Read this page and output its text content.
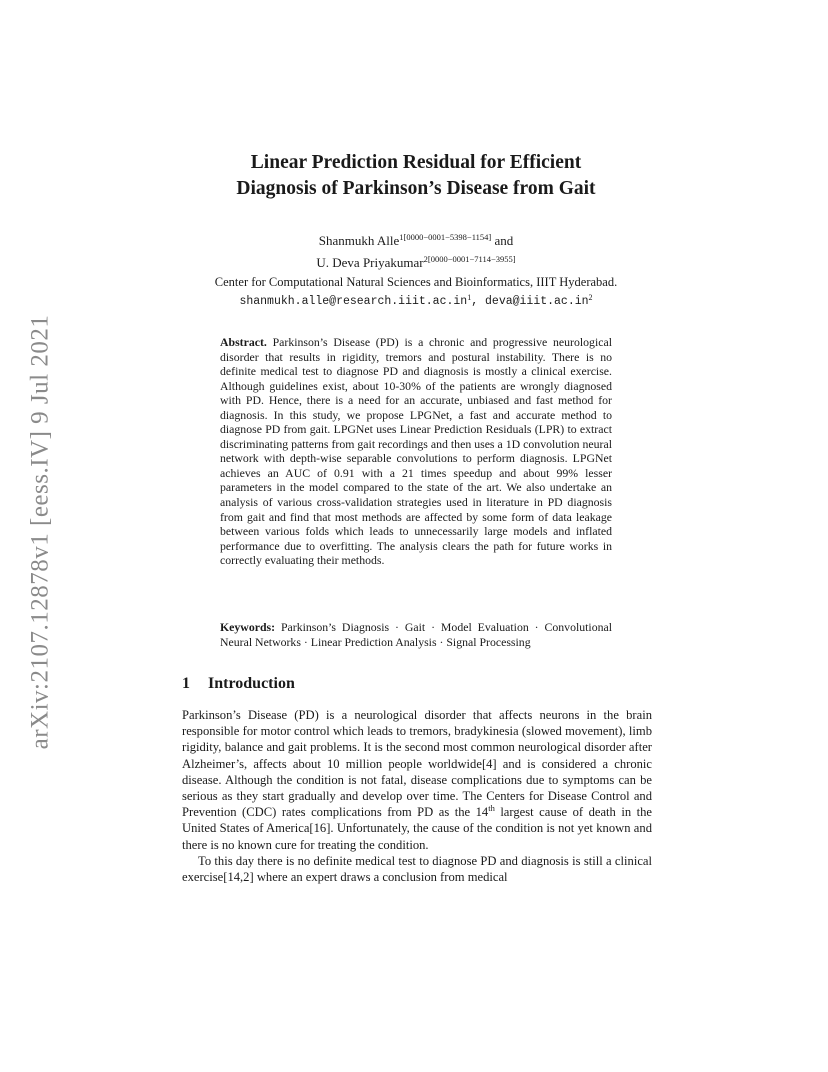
arXiv:2107.12878v1 [eess.IV] 9 Jul 2021
Linear Prediction Residual for Efficient
Diagnosis of Parkinson’s Disease from Gait
Shanmukh Alle$^{1[0000-0001-5398-1154]}$ and
U. Deva Priyakumar$^{2[0000-0001-7114-3955]}$
Center for Computational Natural Sciences and Bioinformatics, IIIT Hyderabad.
$shanmukh.alle@research.iiit.ac.in^1$, $deva@iiit.ac.in^2$
Abstract. Parkinson’s Disease (PD) is a chronic and progressive neurological disorder that results in rigidity, tremors and postural instability. There is no definite medical test to diagnose PD and diagnosis is mostly a clinical exercise. Although guidelines exist, about 10-30% of the patients are wrongly diagnosed with PD. Hence, there is a need for an accurate, unbiased and fast method for diagnosis. In this study, we propose LPGNet, a fast and accurate method to diagnose PD from gait. LPGNet uses Linear Prediction Residuals (LPR) to extract discriminating patterns from gait recordings and then uses a 1D convolution neural network with depth-wise separable convolutions to perform diagnosis. LPGNet achieves an AUC of 0.91 with a 21 times speedup and about 99% lesser parameters in the model compared to the state of the art. We also undertake an analysis of various cross-validation strategies used in literature in PD diagnosis from gait and find that most methods are affected by some form of data leakage between various folds which leads to unnecessarily large models and inflated performance due to overfitting. The analysis clears the path for future works in correctly evaluating their methods.
Keywords: Parkinson’s Diagnosis · Gait · Model Evaluation · Convolutional Neural Networks · Linear Prediction Analysis · Signal Processing
1 Introduction

Parkinson’s Disease (PD) is a neurological disorder that affects neurons in the brain responsible for motor control which leads to tremors, bradykinesia (slowed movement), limb rigidity, balance and gait problems. It is the second most common neurological disorder after Alzheimer’s, affects about 10 million people worldwide[4] and is considered a chronic disease. Although the condition is not fatal, disease complications due to symptoms can be serious as they start gradually and develop over time. The Centers for Disease Control and Prevention (CDC) rates complications from PD as the 14th largest cause of death in the United States of America[16]. Unfortunately, the cause of the condition is not yet known and there is no known cure for treating the condition.

To this day there is no definite medical test to diagnose PD and diagnosis is still a clinical exercise[14,2] where an expert draws a conclusion from medical
